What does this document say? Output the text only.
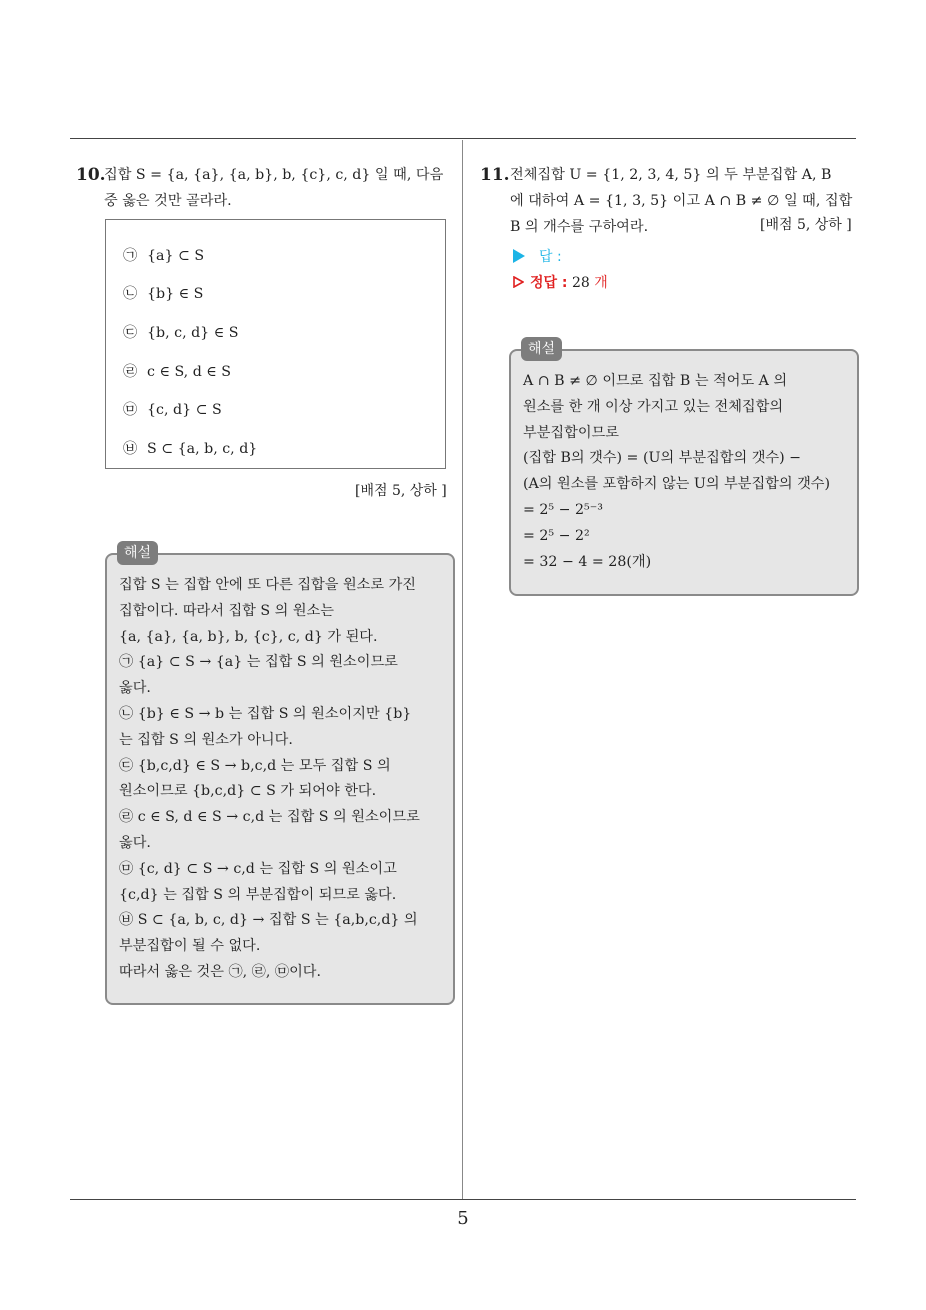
10.
집합 S = {a, {a}, {a, b}, b, {c}, c, d} 일 때, 다음 중 옳은 것만 골라라.
㉠ {a} ⊂ S
㉡ {b} ∈ S
㉢ {b, c, d} ∈ S
㉣ c ∈ S, d ∈ S
㉤ {c, d} ⊂ S
㉥ S ⊂ {a, b, c, d}
[배점 5, 상하 ]
해설
집합 S 는 집합 안에 또 다른 집합을 원소로 가진
집합이다. 따라서 집합 S 의 원소는
{a, {a}, {a, b}, b, {c}, c, d} 가 된다.
㉠ {a} ⊂ S → {a} 는 집합 S 의 원소이므로
옳다.
㉡ {b} ∈ S → b 는 집합 S 의 원소이지만 {b}
는 집합 S 의 원소가 아니다.
㉢ {b,c,d} ∈ S → b,c,d 는 모두 집합 S 의
원소이므로 {b,c,d} ⊂ S 가 되어야 한다.
㉣ c ∈ S, d ∈ S → c,d 는 집합 S 의 원소이므로
옳다.
㉤ {c, d} ⊂ S → c,d 는 집합 S 의 원소이고
{c,d} 는 집합 S 의 부분집합이 되므로 옳다.
㉥ S ⊂ {a, b, c, d} → 집합 S 는 {a,b,c,d} 의
부분집합이 될 수 없다.
따라서 옳은 것은 ㉠, ㉣, ㉤이다.
11. 전체집합 U = {1, 2, 3, 4, 5} 의 두 부분집합 A, B
에 대하여 A = {1, 3, 5} 이고 A ∩ B ≠ ∅ 일 때, 집합
B 의 개수를 구하여라.	[배점 5, 상하 ]
답 :
정답 : 28 개
해설
A ∩ B ≠ ∅ 이므로 집합 B 는 적어도 A 의
원소를 한 개 이상 가지고 있는 전체집합의
부분집합이므로
(집합 B의 갯수) = (U의 부분집합의 갯수) −
(A의 원소를 포함하지 않는 U의 부분집합의 갯수)
= 2⁵ − 2⁵⁻³
= 2⁵ − 2²
= 32 − 4 = 28(개)
5
